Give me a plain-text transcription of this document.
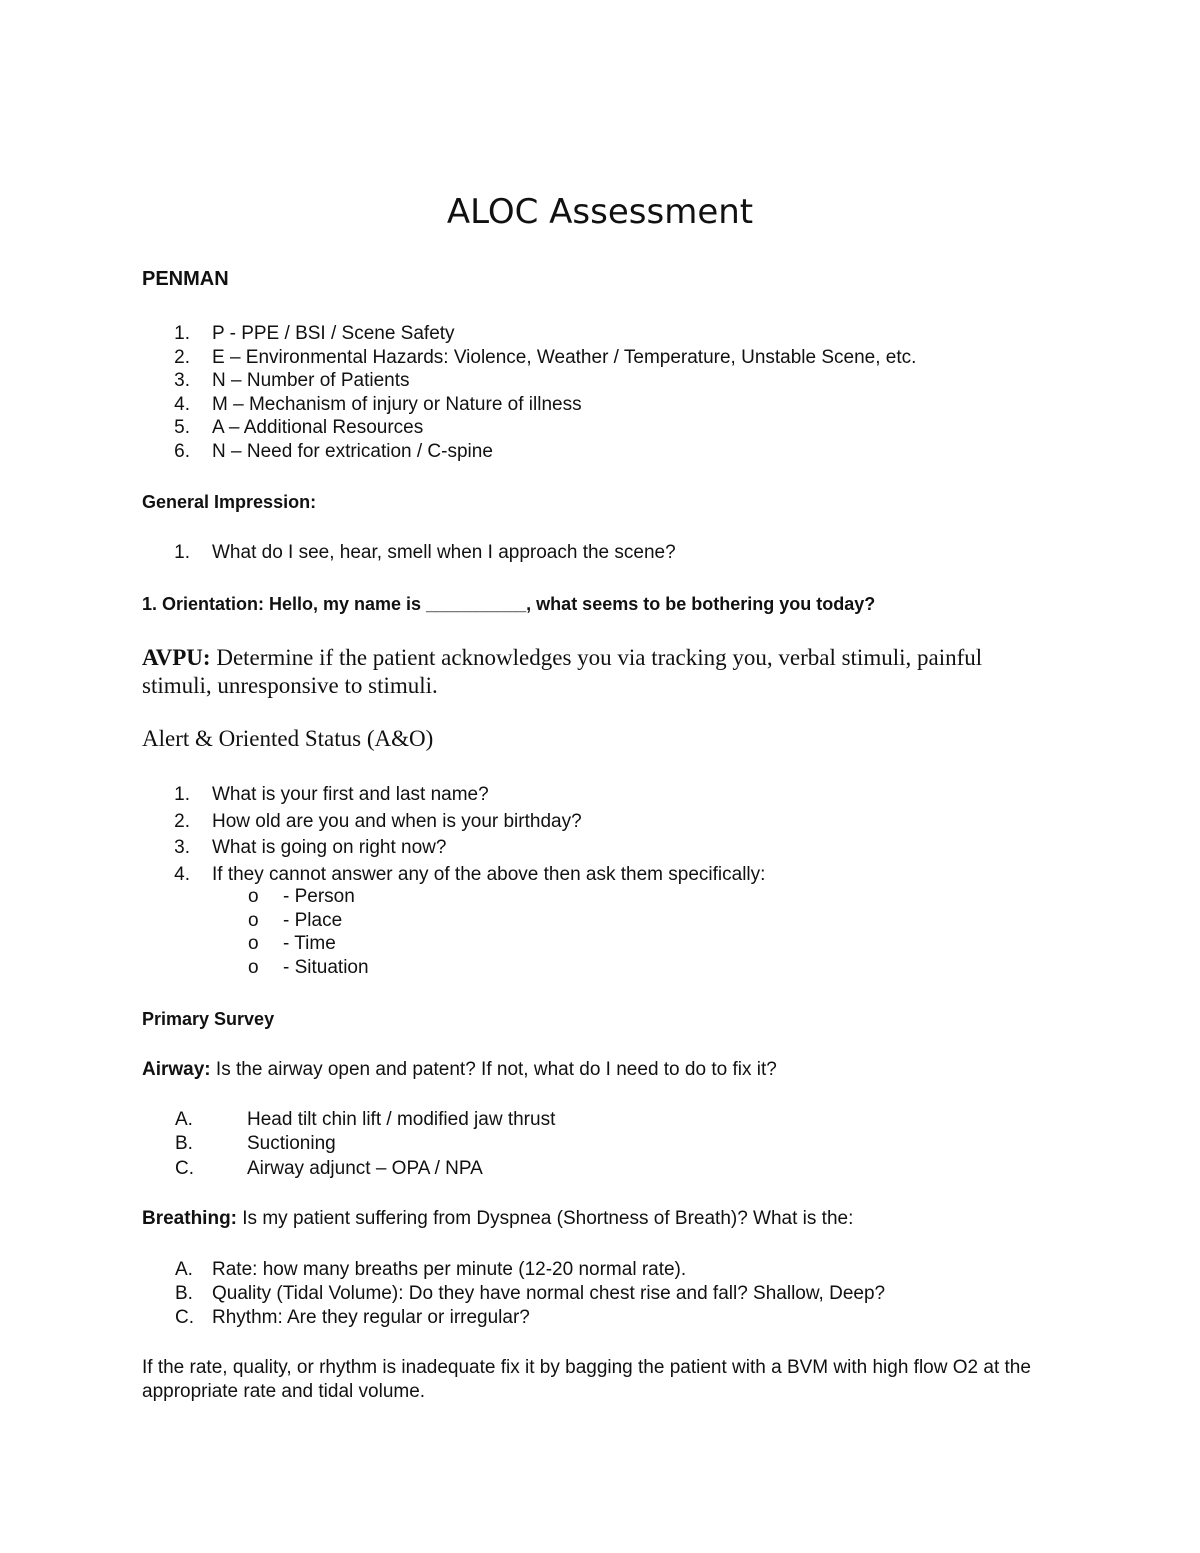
ALOC Assessment
PENMAN
1. P - PPE / BSI / Scene Safety
2. E – Environmental Hazards: Violence, Weather / Temperature, Unstable Scene, etc.
3. N – Number of Patients
4. M – Mechanism of injury or Nature of illness
5. A – Additional Resources
6. N – Need for extrication / C-spine
General Impression:
1. What do I see, hear, smell when I approach the scene?
1. Orientation: Hello, my name is __________, what seems to be bothering you today?
AVPU: Determine if the patient acknowledges you via tracking you, verbal stimuli, painful stimuli, unresponsive to stimuli.
Alert & Oriented Status (A&O)
1. What is your first and last name?
2. How old are you and when is your birthday?
3. What is going on right now?
4. If they cannot answer any of the above then ask them specifically:
o - Person
o - Place
o - Time
o - Situation
Primary Survey
Airway: Is the airway open and patent? If not, what do I need to do to fix it?
A.	Head tilt chin lift / modified jaw thrust
B.	Suctioning
C.	Airway adjunct – OPA / NPA
Breathing: Is my patient suffering from Dyspnea (Shortness of Breath)? What is the:
A. Rate: how many breaths per minute (12-20 normal rate).
B. Quality (Tidal Volume): Do they have normal chest rise and fall? Shallow, Deep?
C. Rhythm: Are they regular or irregular?
If the rate, quality, or rhythm is inadequate fix it by bagging the patient with a BVM with high flow O2 at the appropriate rate and tidal volume.
